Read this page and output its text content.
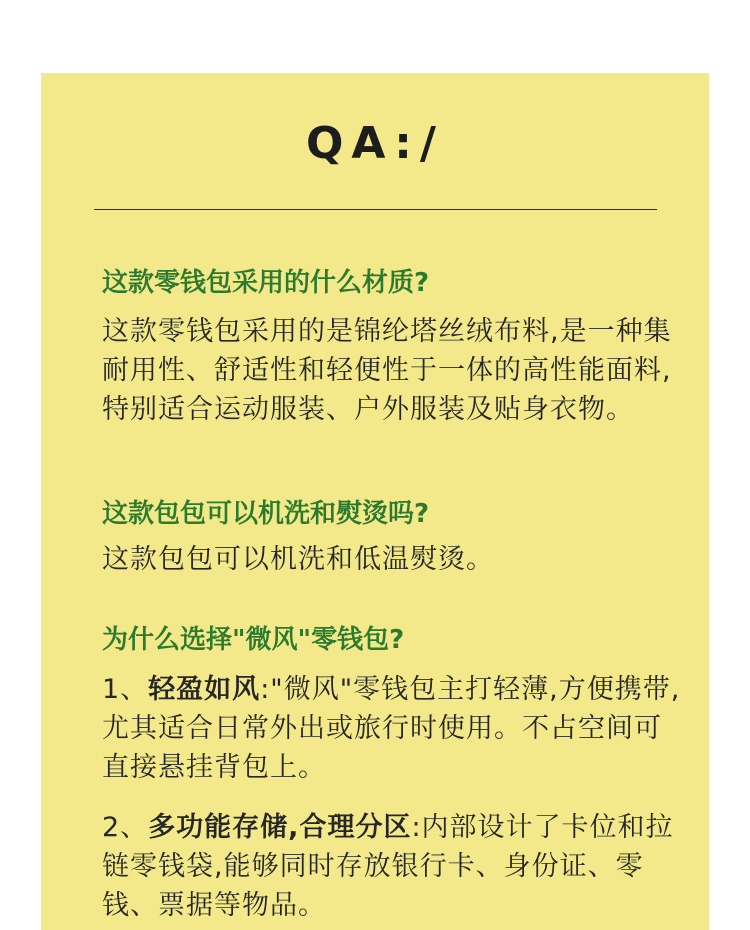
QA:/
这款零钱包采用的什么材质?
这款零钱包采用的是锦纶塔丝绒布料,是一种集耐用性、舒适性和轻便性于一体的高性能面料,特别适合运动服装、户外服装及贴身衣物。
这款包包可以机洗和熨烫吗?
这款包包可以机洗和低温熨烫。
为什么选择"微风"零钱包?
1、轻盈如风:"微风"零钱包主打轻薄,方便携带,尤其适合日常外出或旅行时使用。不占空间可直接悬挂背包上。
2、多功能存储,合理分区:内部设计了卡位和拉链零钱袋,能够同时存放银行卡、身份证、零钱、票据等物品。
